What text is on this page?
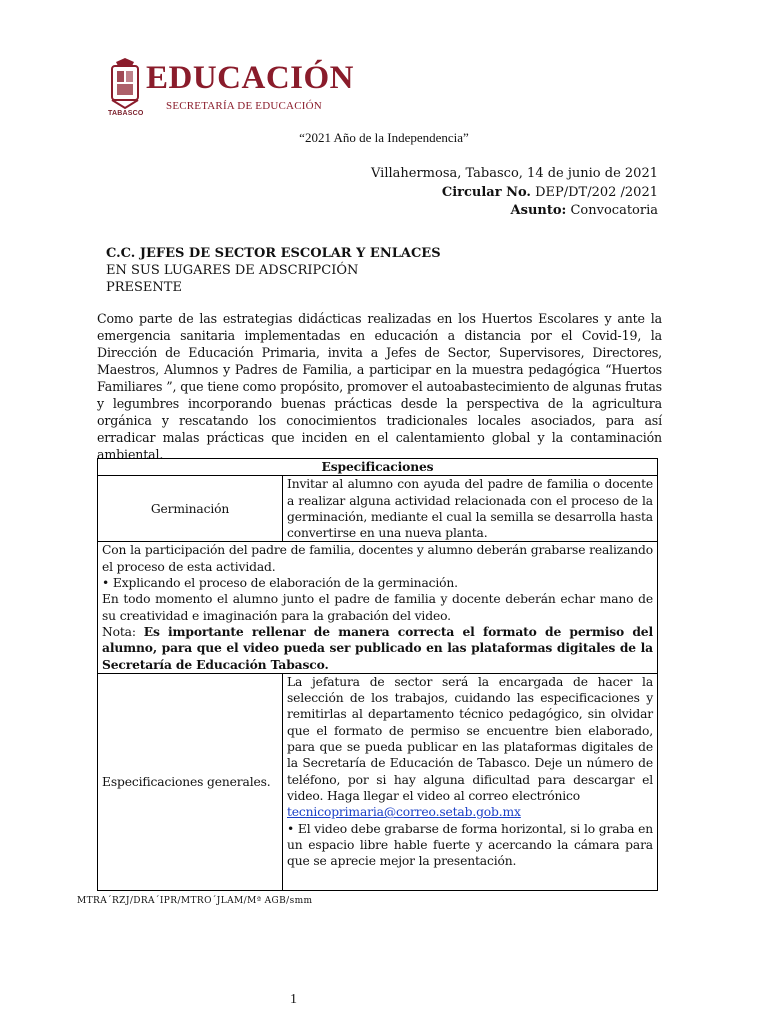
TABASCO
EDUCACIÓN
SECRETARÍA DE EDUCACIÓN
“2021 Año de la Independencia”
Villahermosa, Tabasco, 14 de junio de 2021
Circular No. DEP/DT/202 /2021
Asunto: Convocatoria
C.C. JEFES DE SECTOR ESCOLAR Y ENLACES
EN SUS LUGARES DE ADSCRIPCIÓN
PRESENTE
Como parte de las estrategias didácticas realizadas en los Huertos Escolares y ante la emergencia sanitaria implementadas en educación a distancia por el Covid-19, la Dirección de Educación Primaria, invita a Jefes de Sector, Supervisores, Directores, Maestros, Alumnos y Padres de Familia, a participar en la muestra pedagógica “Huertos Familiares ”, que tiene como propósito, promover el autoabastecimiento de algunas frutas y legumbres incorporando buenas prácticas desde la perspectiva de la agricultura orgánica y rescatando los conocimientos tradicionales locales asociados, para así erradicar malas prácticas que inciden en el calentamiento global y la contaminación ambiental.
Especificaciones	
Germinación	Invitar al alumno con ayuda del padre de familia o docente a realizar alguna actividad relacionada con el proceso de la germinación, mediante el cual la semilla se desarrolla hasta convertirse en una nueva planta.

Con la participación del padre de familia, docentes y alumno deberán grabarse realizando el proceso de esta actividad.
• Explicando el proceso de elaboración de la germinación.
En todo momento el alumno junto el padre de familia y docente deberán echar mano de su creatividad e imaginación para la grabación del video.
Nota: Es importante rellenar de manera correcta el formato de permiso del alumno, para que el video pueda ser publicado en las plataformas digitales de la Secretaría de Educación Tabasco.	

Especificaciones generales.	La jefatura de sector será la encargada de hacer la selección de los trabajos, cuidando las especificaciones y remitirlas al departamento técnico pedagógico, sin olvidar que el formato de permiso se encuentre bien elaborado, para que se pueda publicar en las plataformas digitales de la Secretaría de Educación de Tabasco. Deje un número de teléfono, por si hay alguna dificultad para descargar el video. Haga llegar el video al correo electrónico
tecnicoprimaria@correo.setab.gob.mx
• El video debe grabarse de forma horizontal, si lo graba en un espacio libre hable fuerte y acercando la cámara para que se aprecie mejor la presentación.
MTRA´RZJ/DRA´IPR/MTRO´JLAM/Mª AGB/smm
1
